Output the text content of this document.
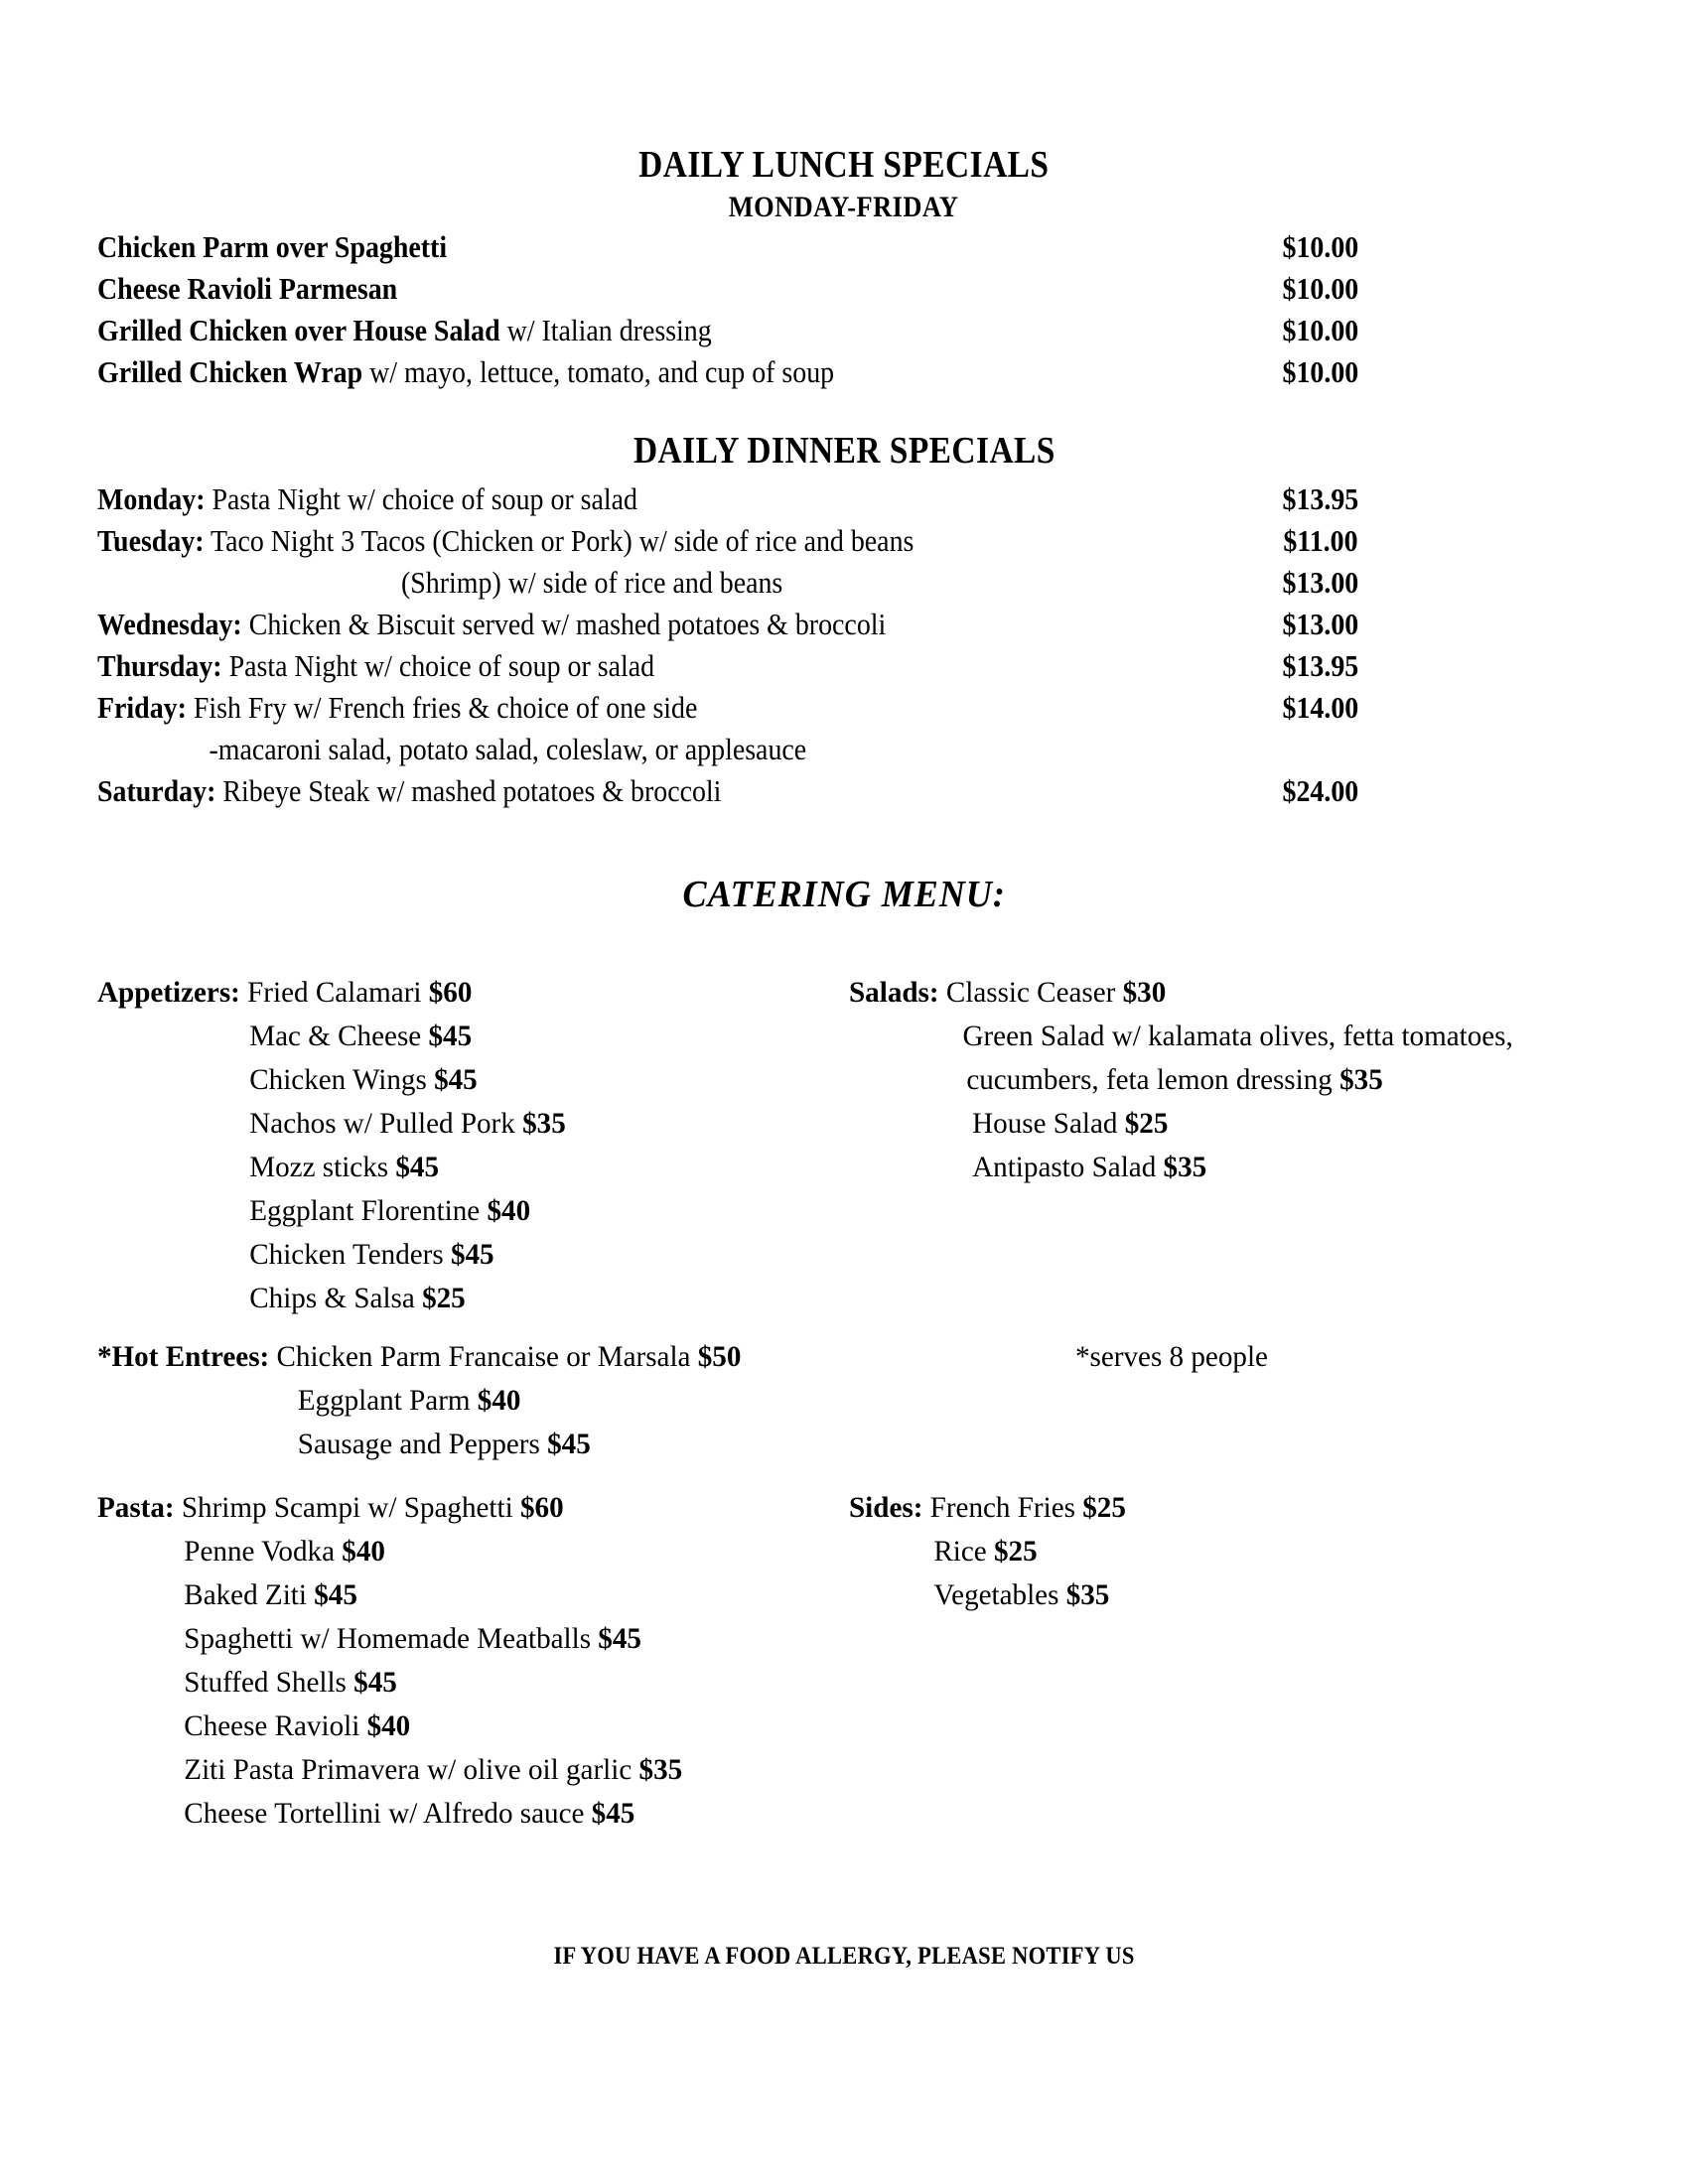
DAILY LUNCH SPECIALS
MONDAY-FRIDAY
Chicken Parm over Spaghetti	$10.00
Cheese Ravioli Parmesan	$10.00
Grilled Chicken over House Salad w/ Italian dressing	$10.00
Grilled Chicken Wrap w/ mayo, lettuce, tomato, and cup of soup	$10.00
DAILY DINNER SPECIALS
Monday: Pasta Night w/ choice of soup or salad	$13.95
Tuesday: Taco Night 3 Tacos (Chicken or Pork) w/ side of rice and beans	$11.00
(Shrimp) w/ side of rice and beans	$13.00
Wednesday: Chicken & Biscuit served w/ mashed potatoes & broccoli	$13.00
Thursday: Pasta Night w/ choice of soup or salad	$13.95
Friday: Fish Fry w/ French fries & choice of one side	$14.00
-macaroni salad, potato salad, coleslaw, or applesauce
Saturday: Ribeye Steak w/ mashed potatoes & broccoli	$24.00
CATERING MENU:
Appetizers: Fried Calamari $60
Mac & Cheese $45
Chicken Wings $45
Nachos w/ Pulled Pork $35
Mozz sticks $45
Eggplant Florentine $40
Chicken Tenders $45
Chips & Salsa $25
Salads: Classic Ceaser $30
Green Salad w/ kalamata olives, fetta tomatoes,
cucumbers, feta lemon dressing $35
House Salad $25
Antipasto Salad $35
*Hot Entrees: Chicken Parm Francaise or Marsala $50
Eggplant Parm $40
Sausage and Peppers $45
*serves 8 people
Pasta: Shrimp Scampi w/ Spaghetti $60
Penne Vodka $40
Baked Ziti $45
Spaghetti w/ Homemade Meatballs $45
Stuffed Shells $45
Cheese Ravioli $40
Ziti Pasta Primavera w/ olive oil garlic $35
Cheese Tortellini w/ Alfredo sauce $45
Sides: French Fries $25
Rice $25
Vegetables $35
IF YOU HAVE A FOOD ALLERGY, PLEASE NOTIFY US
